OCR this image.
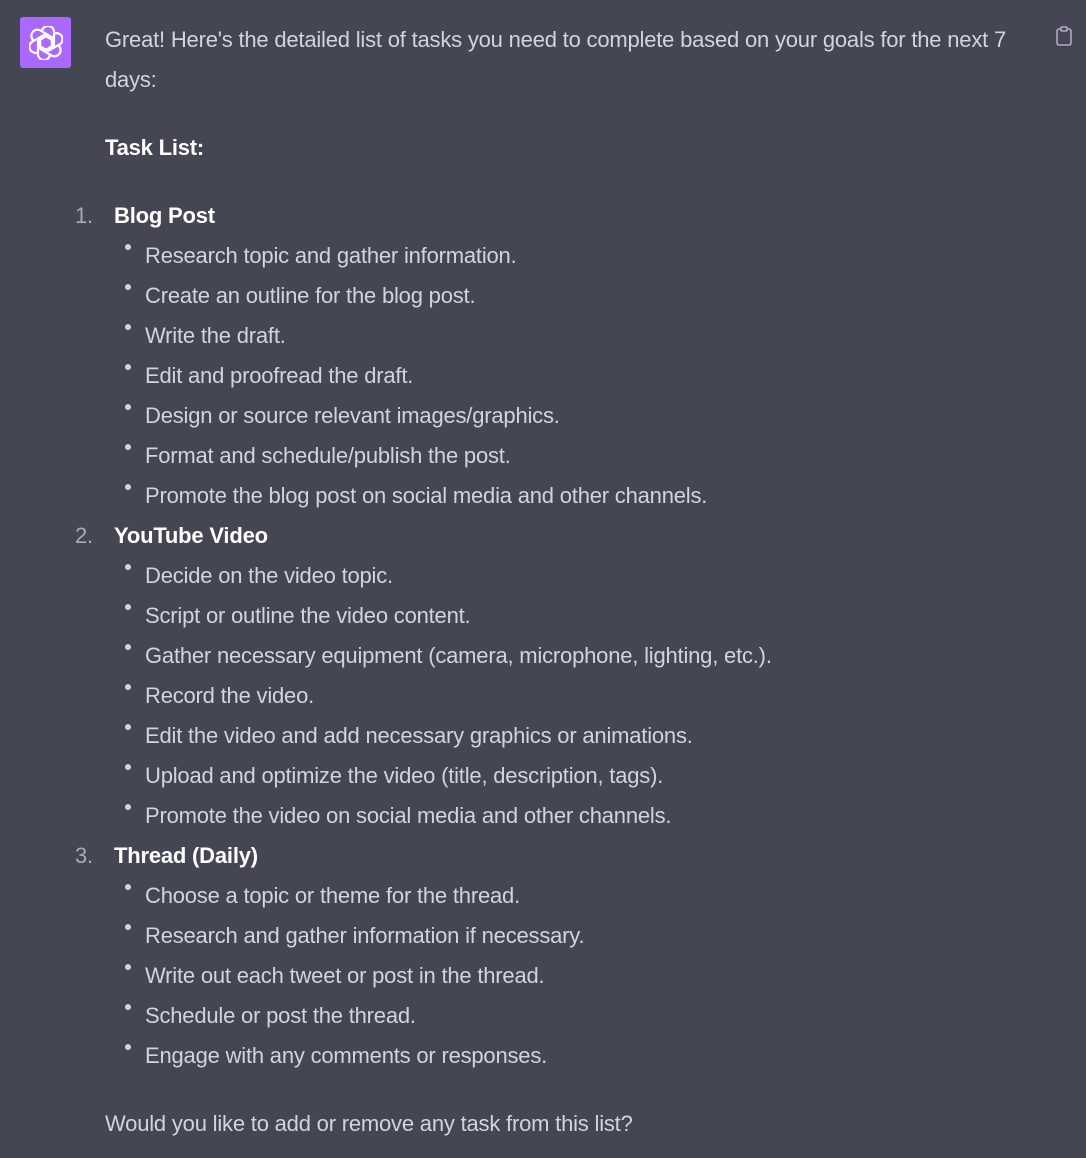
Great! Here's the detailed list of tasks you need to complete based on your goals for the next 7 days:

Task List:

1. Blog Post
Research topic and gather information.
Create an outline for the blog post.
Write the draft.
Edit and proofread the draft.
Design or source relevant images/graphics.
Format and schedule/publish the post.
Promote the blog post on social media and other channels.
2. YouTube Video
Decide on the video topic.
Script or outline the video content.
Gather necessary equipment (camera, microphone, lighting, etc.).
Record the video.
Edit the video and add necessary graphics or animations.
Upload and optimize the video (title, description, tags).
Promote the video on social media and other channels.
3. Thread (Daily)
Choose a topic or theme for the thread.
Research and gather information if necessary.
Write out each tweet or post in the thread.
Schedule or post the thread.
Engage with any comments or responses.

Would you like to add or remove any task from this list?
